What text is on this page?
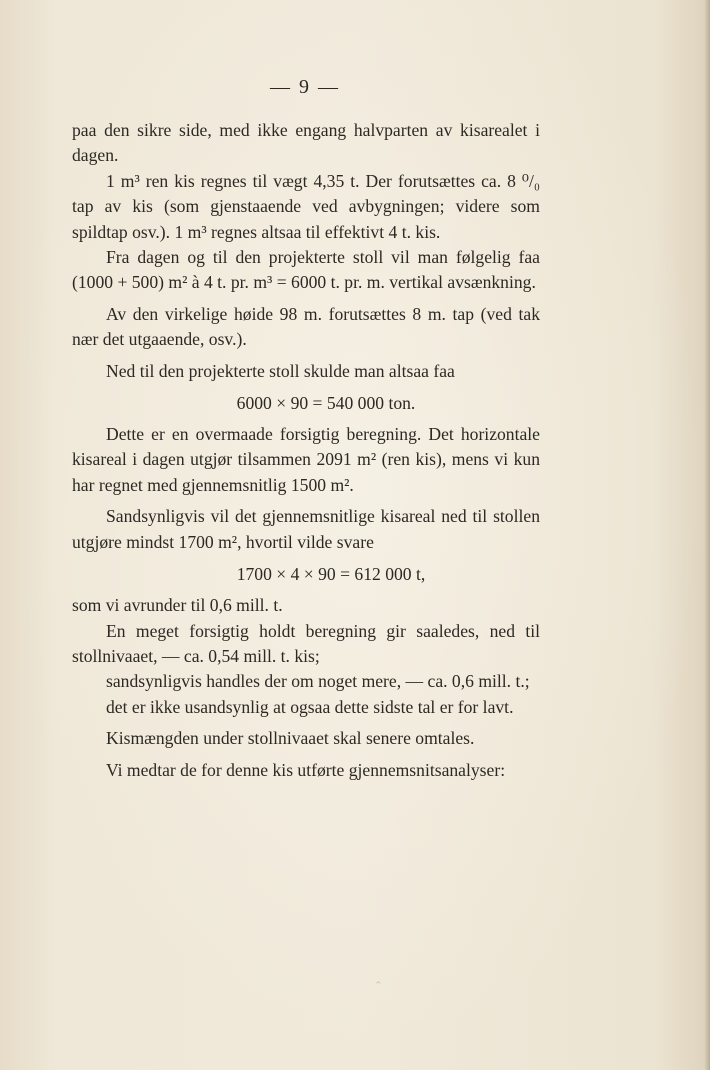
— 9 —

paa den sikre side, med ikke engang halvparten av kisarealet i dagen.

1 m³ ren kis regnes til vægt 4,35 t. Der forutsættes ca. 8 ⁰/₀ tap av kis (som gjenstaaende ved avbygningen; videre som spildtap osv.). 1 m³ regnes altsaa til effektivt 4 t. kis.

Fra dagen og til den projekterte stoll vil man følgelig faa (1000 + 500) m² à 4 t. pr. m³ = 6000 t. pr. m. vertikal avsænkning.

Av den virkelige høide 98 m. forutsættes 8 m. tap (ved tak nær det utgaaende, osv.).

Ned til den projekterte stoll skulde man altsaa faa

6000 × 90 = 540 000 ton.

Dette er en overmaade forsigtig beregning. Det horizontale kisareal i dagen utgjør tilsammen 2091 m² (ren kis), mens vi kun har regnet med gjennemsnitlig 1500 m².

Sandsynligvis vil det gjennemsnitlige kisareal ned til stollen utgjøre mindst 1700 m², hvortil vilde svare

1700 × 4 × 90 = 612 000 t,

som vi avrunder til 0,6 mill. t.

En meget forsigtig holdt beregning gir saaledes, ned til stollnivaaet, — ca. 0,54 mill. t. kis;

sandsynligvis handles der om noget mere, — ca. 0,6 mill. t.;

det er ikke usandsynlig at ogsaa dette sidste tal er for lavt.

Kismængden under stollnivaaet skal senere omtales.

Vi medtar de for denne kis utførte gjennemsnitsanalyser:

ˆ
